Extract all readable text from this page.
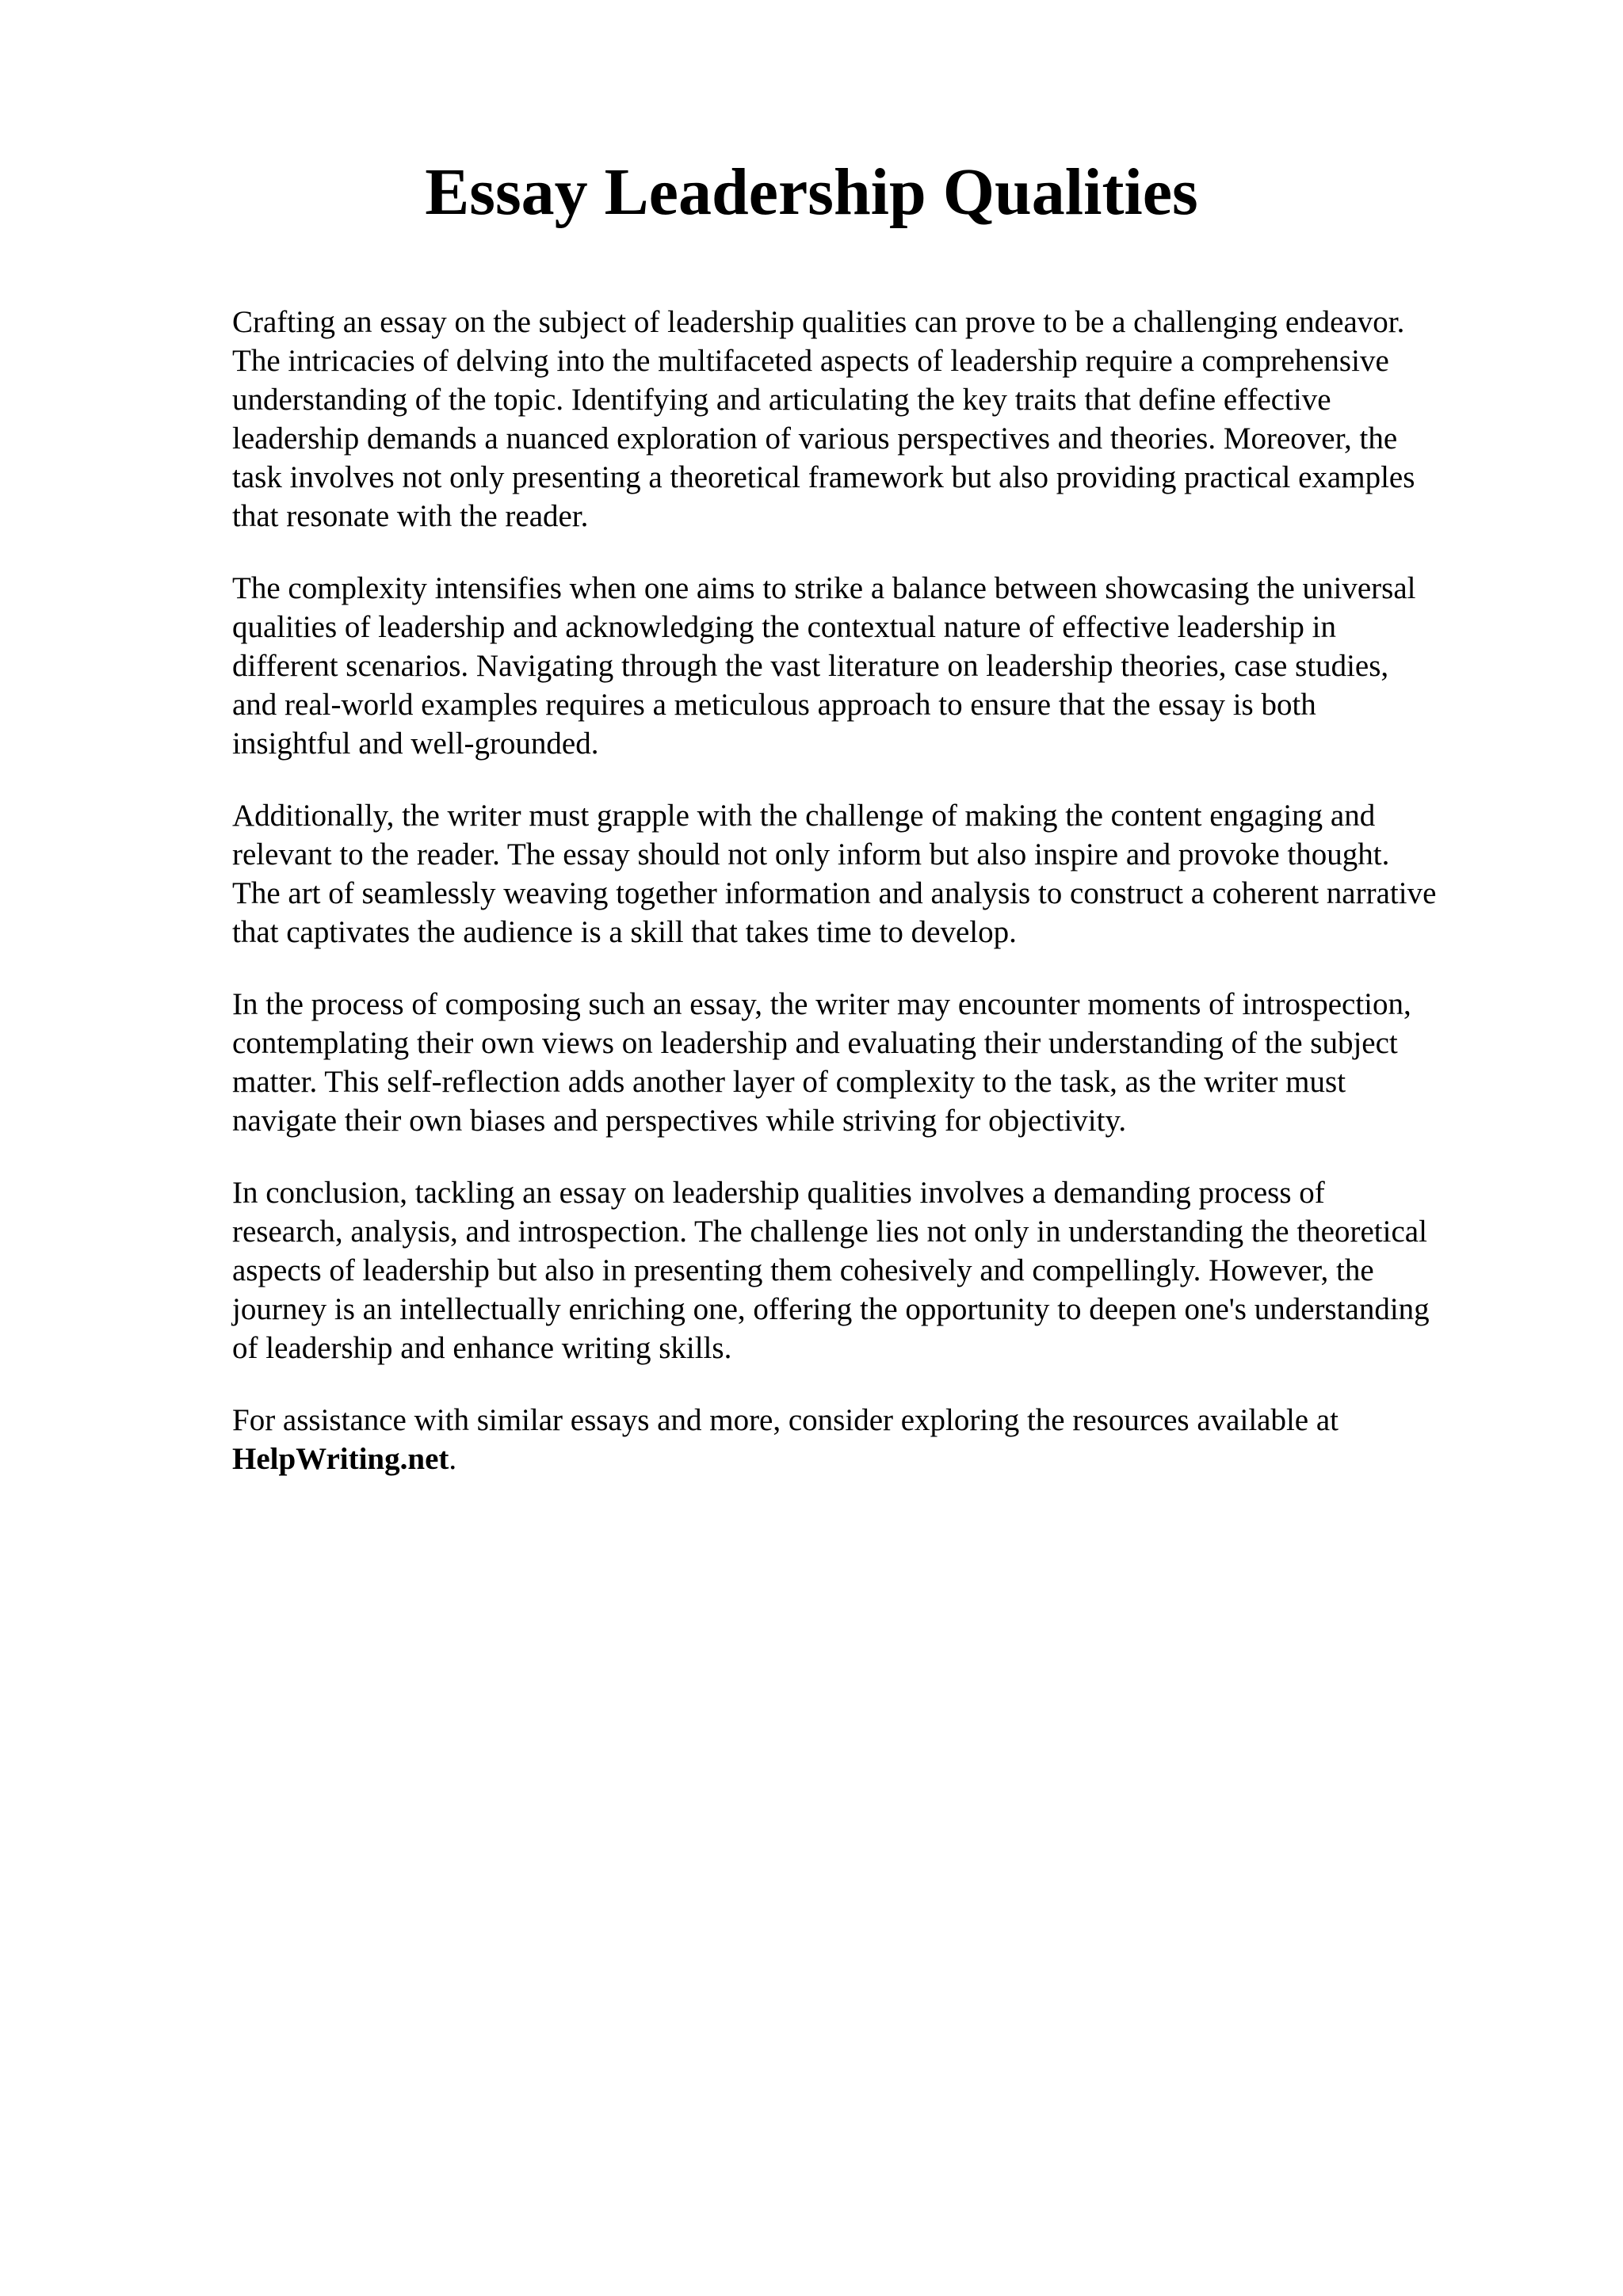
Essay Leadership Qualities

Crafting an essay on the subject of leadership qualities can prove to be a challenging endeavor.
The intricacies of delving into the multifaceted aspects of leadership require a comprehensive
understanding of the topic. Identifying and articulating the key traits that define effective
leadership demands a nuanced exploration of various perspectives and theories. Moreover, the
task involves not only presenting a theoretical framework but also providing practical examples
that resonate with the reader.

The complexity intensifies when one aims to strike a balance between showcasing the universal
qualities of leadership and acknowledging the contextual nature of effective leadership in
different scenarios. Navigating through the vast literature on leadership theories, case studies,
and real-world examples requires a meticulous approach to ensure that the essay is both
insightful and well-grounded.

Additionally, the writer must grapple with the challenge of making the content engaging and
relevant to the reader. The essay should not only inform but also inspire and provoke thought.
The art of seamlessly weaving together information and analysis to construct a coherent narrative
that captivates the audience is a skill that takes time to develop.

In the process of composing such an essay, the writer may encounter moments of introspection,
contemplating their own views on leadership and evaluating their understanding of the subject
matter. This self-reflection adds another layer of complexity to the task, as the writer must
navigate their own biases and perspectives while striving for objectivity.

In conclusion, tackling an essay on leadership qualities involves a demanding process of
research, analysis, and introspection. The challenge lies not only in understanding the theoretical
aspects of leadership but also in presenting them cohesively and compellingly. However, the
journey is an intellectually enriching one, offering the opportunity to deepen one's understanding
of leadership and enhance writing skills.

For assistance with similar essays and more, consider exploring the resources available at
HelpWriting.net.
